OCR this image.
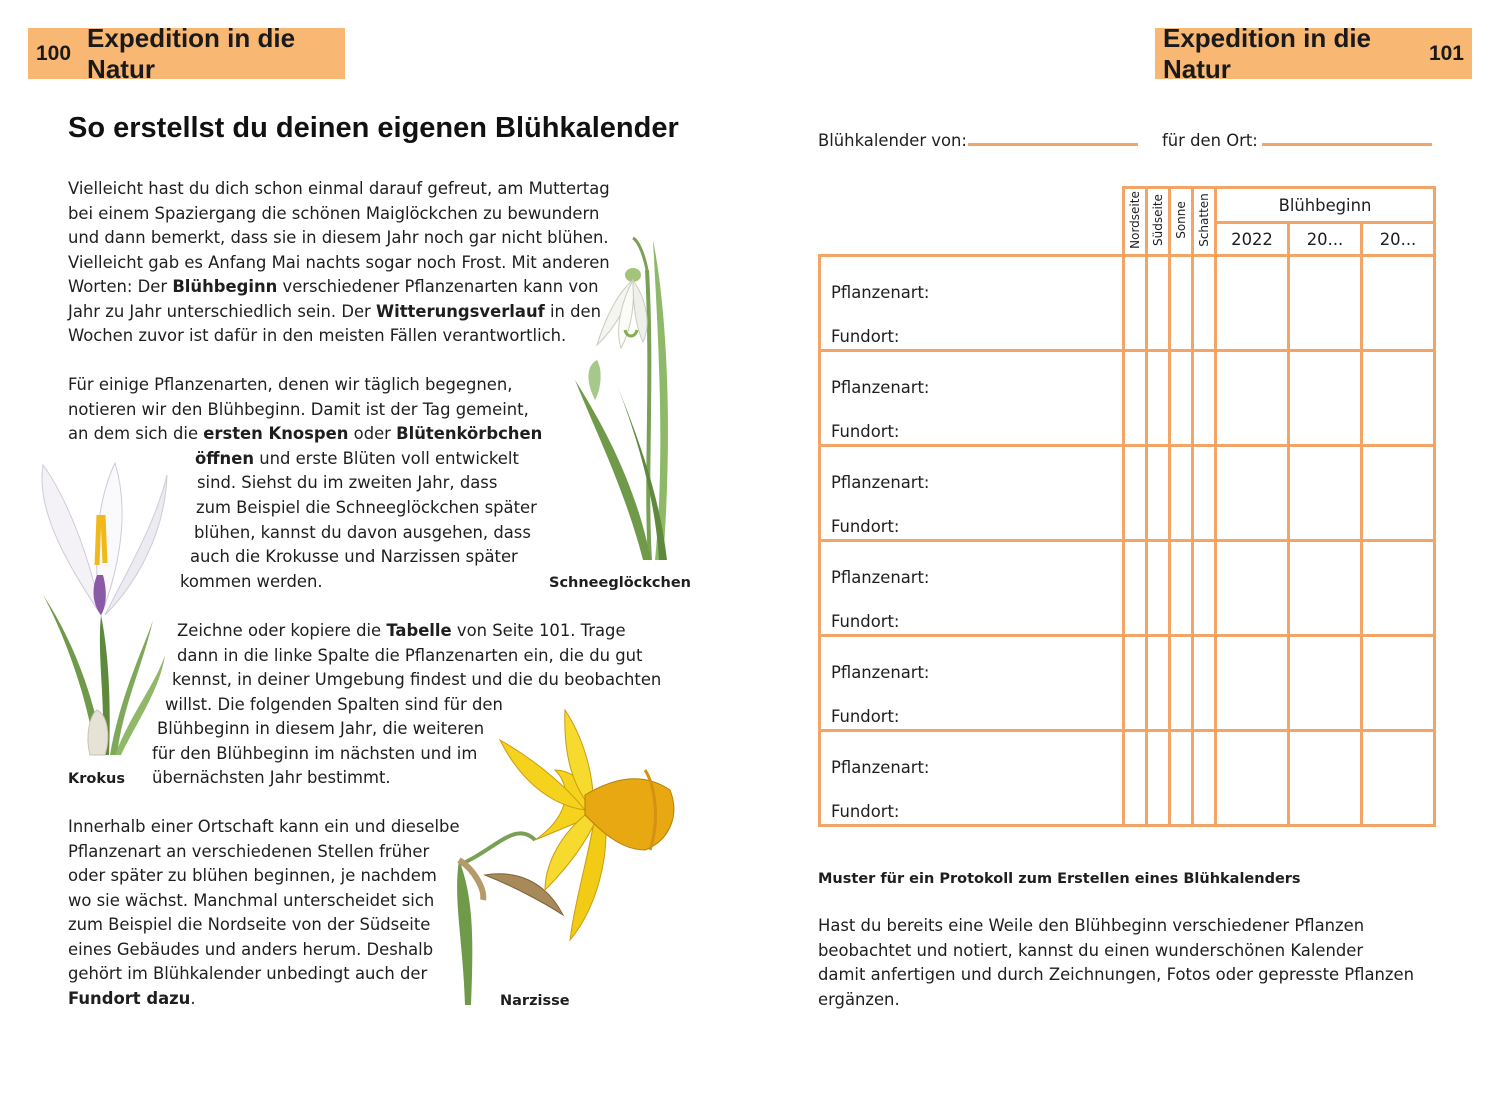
100
Expedition in die Natur
Expedition in die Natur
101
So erstellst du deinen eigenen Blühkalender
Vielleicht hast du dich schon einmal darauf gefreut, am Muttertag
bei einem Spaziergang die schönen Maiglöckchen zu bewundern
und dann bemerkt, dass sie in diesem Jahr noch gar nicht blühen.
Vielleicht gab es Anfang Mai nachts sogar noch Frost. Mit anderen
Worten: Der Blühbeginn verschiedener Pflanzenarten kann von
Jahr zu Jahr unterschiedlich sein. Der Witterungsverlauf in den
Wochen zuvor ist dafür in den meisten Fällen verantwortlich.
Für einige Pflanzenarten, denen wir täglich begegnen,
notieren wir den Blühbeginn. Damit ist der Tag gemeint,
an dem sich die ersten Knospen oder Blütenkörbchen
öffnen und erste Blüten voll entwickelt
sind. Siehst du im zweiten Jahr, dass
zum Beispiel die Schneeglöckchen später
blühen, kannst du davon ausgehen, dass
auch die Krokusse und Narzissen später
kommen werden.
Zeichne oder kopiere die Tabelle von Seite 101. Trage
dann in die linke Spalte die Pflanzenarten ein, die du gut
kennst, in deiner Umgebung findest und die du beobachten
willst. Die folgenden Spalten sind für den
Blühbeginn in diesem Jahr, die weiteren
für den Blühbeginn im nächsten und im
übernächsten Jahr bestimmt.
Innerhalb einer Ortschaft kann ein und dieselbe
Pflanzenart an verschiedenen Stellen früher
oder später zu blühen beginnen, je nachdem
wo sie wächst. Manchmal unterscheidet sich
zum Beispiel die Nordseite von der Südseite
eines Gebäudes und anders herum. Deshalb
gehört im Blühkalender unbedingt auch der
Fundort dazu.
Schneeglöckchen
Krokus
Narzisse
Blühkalender von:	für den Ort:

	Nordseite	Südseite	Sonne	Schatten	Blühbeginn		
					2022	20...	20...

Pflanzenart:
Fundort:							

Pflanzenart:
Fundort:							

Pflanzenart:
Fundort:							

Pflanzenart:
Fundort:							

Pflanzenart:
Fundort:							

Pflanzenart:
Fundort:							

Muster für ein Protokoll zum Erstellen eines Blühkalenders
Hast du bereits eine Weile den Blühbeginn verschiedener Pflanzen
beobachtet und notiert, kannst du einen wunderschönen Kalender
damit anfertigen und durch Zeichnungen, Fotos oder gepresste Pflanzen
ergänzen.
